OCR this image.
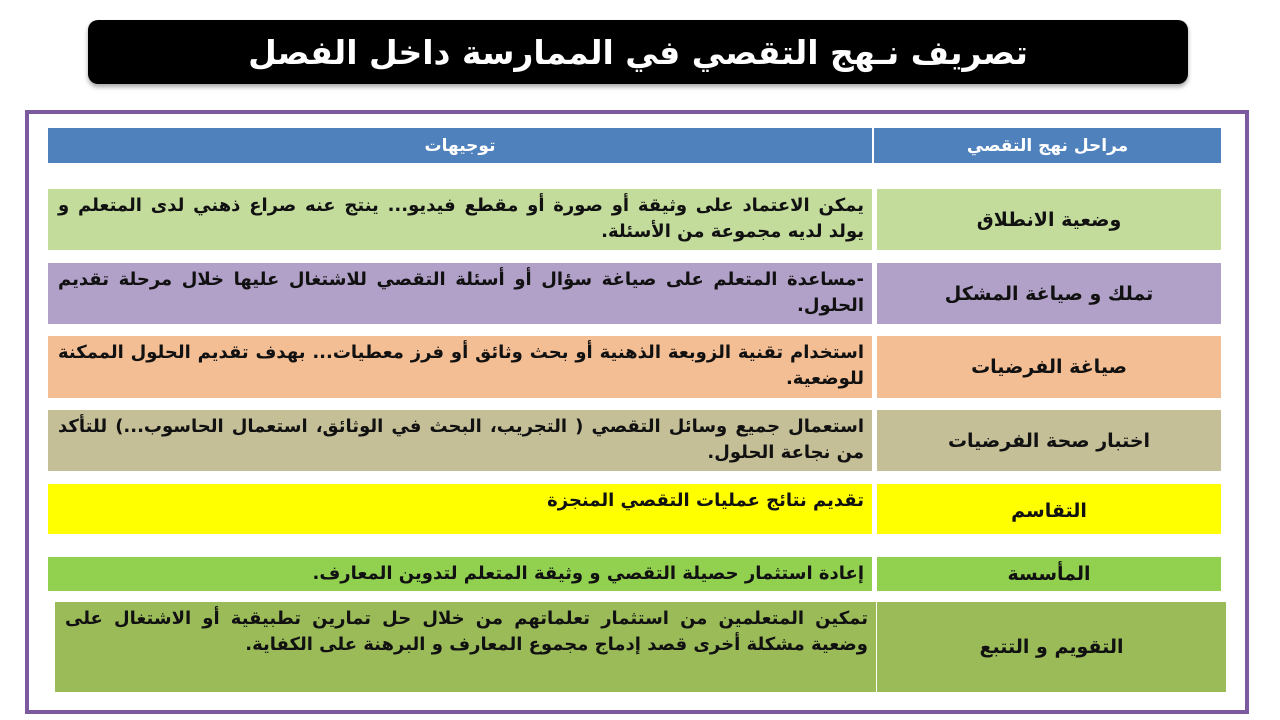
تصريف نـهج التقصي في الممارسة داخل الفصل
مراحل نهج التقصي
توجيهات
وضعية الانطلاق
يمكن الاعتماد على وثيقة أو صورة أو مقطع فيديو... ينتج عنه صراع ذهني لدى المتعلم و يولد لديه مجموعة من الأسئلة.
تملك و صياغة المشكل
-مساعدة المتعلم على صياغة سؤال أو أسئلة التقصي للاشتغال عليها خلال مرحلة تقديم الحلول.
صياغة الفرضيات
استخدام تقنية الزوبعة الذهنية أو بحث وثائق أو فرز معطيات... بهدف تقديم الحلول الممكنة للوضعية.
اختبار صحة الفرضيات
استعمال جميع وسائل التقصي ( التجريب، البحث في الوثائق، استعمال الحاسوب...) للتأكد من نجاعة الحلول.
التقاسم
تقديم نتائج عمليات التقصي المنجزة
المأسسة
إعادة استثمار حصيلة التقصي و وثيقة المتعلم لتدوين المعارف.
التقويم و التتبع
تمكين المتعلمين من استثمار تعلماتهم من خلال حل تمارين تطبيقية أو الاشتغال على وضعية مشكلة أخرى قصد إدماج مجموع المعارف و البرهنة على الكفاية.
